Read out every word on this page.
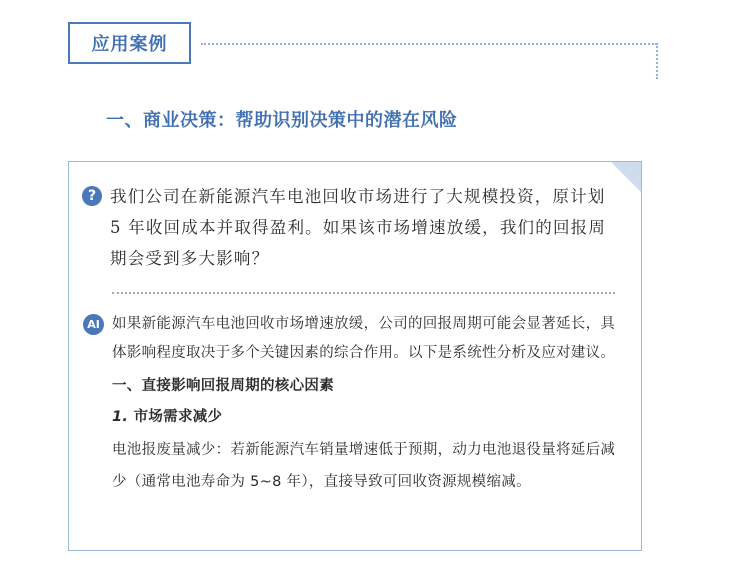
应用案例
一、商业决策：帮助识别决策中的潜在风险
? 我们公司在新能源汽车电池回收市场进行了大规模投资，原计划 5 年收回成本并取得盈利。如果该市场增速放缓，我们的回报周期会受到多大影响？
AI 如果新能源汽车电池回收市场增速放缓，公司的回报周期可能会显著延长，具体影响程度取决于多个关键因素的综合作用。以下是系统性分析及应对建议。

一、直接影响回报周期的核心因素

1. 市场需求减少

电池报废量减少：若新能源汽车销量增速低于预期，动力电池退役量将延后减少（通常电池寿命为 5~8 年），直接导致可回收资源规模缩减。
